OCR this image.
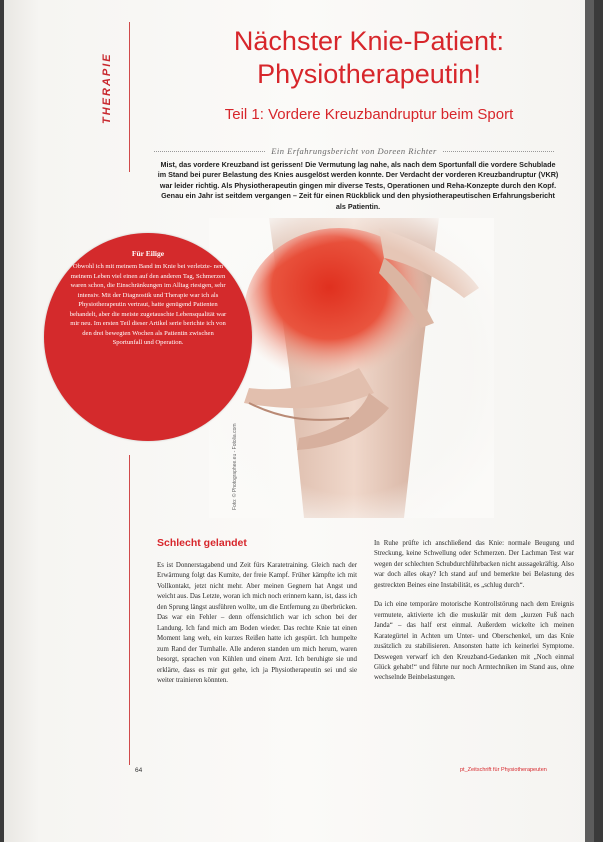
THERAPIE
Nächster Knie-Patient:
Physiotherapeutin!
Teil 1: Vordere Kreuzbandruptur beim Sport
Ein Erfahrungsbericht von Doreen Richter
Mist, das vordere Kreuzband ist gerissen! Die Vermutung lag nahe, als nach dem Sportunfall die vordere Schublade im Stand bei purer Belastung des Knies ausgelöst werden konnte. Der Verdacht der vorderen Kreuzbandruptur (VKR) war leider richtig. Als Physiotherapeutin gingen mir diverse Tests, Operationen und Reha-Konzepte durch den Kopf. Genau ein Jahr ist seitdem vergangen – Zeit für einen Rückblick und den physiotherapeutischen Erfahrungsbericht als Patientin.
Foto: © Photographee.eu - Fotolia.com
Für Eilige
Obwohl ich mit meinem Band im Knie bei verletzte- nen meinem Leben viel einen auf den anderen Tag, Schmerzen waren schon, die Einschränkungen im Alltag riesigen, sehr intensiv. Mit der Diagnostik und Therapie war ich als Physiotherapeutin vertraut, hatte genügend Patienten behandelt, aber die meiste zugetauschte Lebensqualität war mir neu. Im ersten Teil dieser Artikel serie berichte ich von den drei bewegten Wochen als Patientin zwischen Sportunfall und Operation.
Schlecht gelandet

Es ist Donnerstagabend und Zeit fürs Karatetraining. Gleich nach der Erwärmung folgt das Kumite, der freie Kampf. Früher kämpfte ich mit Vollkontakt, jetzt nicht mehr. Aber meinen Gegnern hat Angst und weicht aus. Das Letzte, woran ich mich noch erinnern kann, ist, dass ich den Sprung längst ausführen wollte, um die Entfernung zu überbrücken. Das war ein Fehler – denn offensichtlich war ich schon bei der Landung. Ich fand mich am Boden wieder. Das rechte Knie tat einen Moment lang weh, ein kurzes Reißen hatte ich gespürt. Ich humpelte zum Rand der Turnhalle. Alle anderen standen um mich herum, waren besorgt, sprachen von Kühlen und einem Arzt. Ich beruhigte sie und erklärte, dass es mir gut gehe, ich ja Physiotherapeutin sei und sie weiter trainieren könnten.

In Ruhe prüfte ich anschließend das Knie: normale Beugung und Streckung, keine Schwellung oder Schmerzen. Der Lachman Test war wegen der schlechten Schubdurchführbacken nicht aussagekräftig. Also war doch alles okay? Ich stand auf und bemerkte bei Belastung des gestreckten Beines eine Instabilität, es „schlug durch“.

Da ich eine temporäre motorische Kontrollstörung nach dem Ereignis vermutete, aktivierte ich die muskulär mit dem „kurzen Fuß nach Janda“ – das half erst einmal. Außerdem wickelte ich meinen Karategürtel in Achten um Unter- und Oberschenkel, um das Knie zusätzlich zu stabilisieren. Ansonsten hatte ich keinerlei Symptome. Deswegen verwarf ich den Kreuzband-Gedanken mit „Noch einmal Glück gehabt!“ und führte nur noch Armtechniken im Stand aus, ohne wechselnde Beinbelastungen.

64	pt_Zeitschrift für Physiotherapeuten
